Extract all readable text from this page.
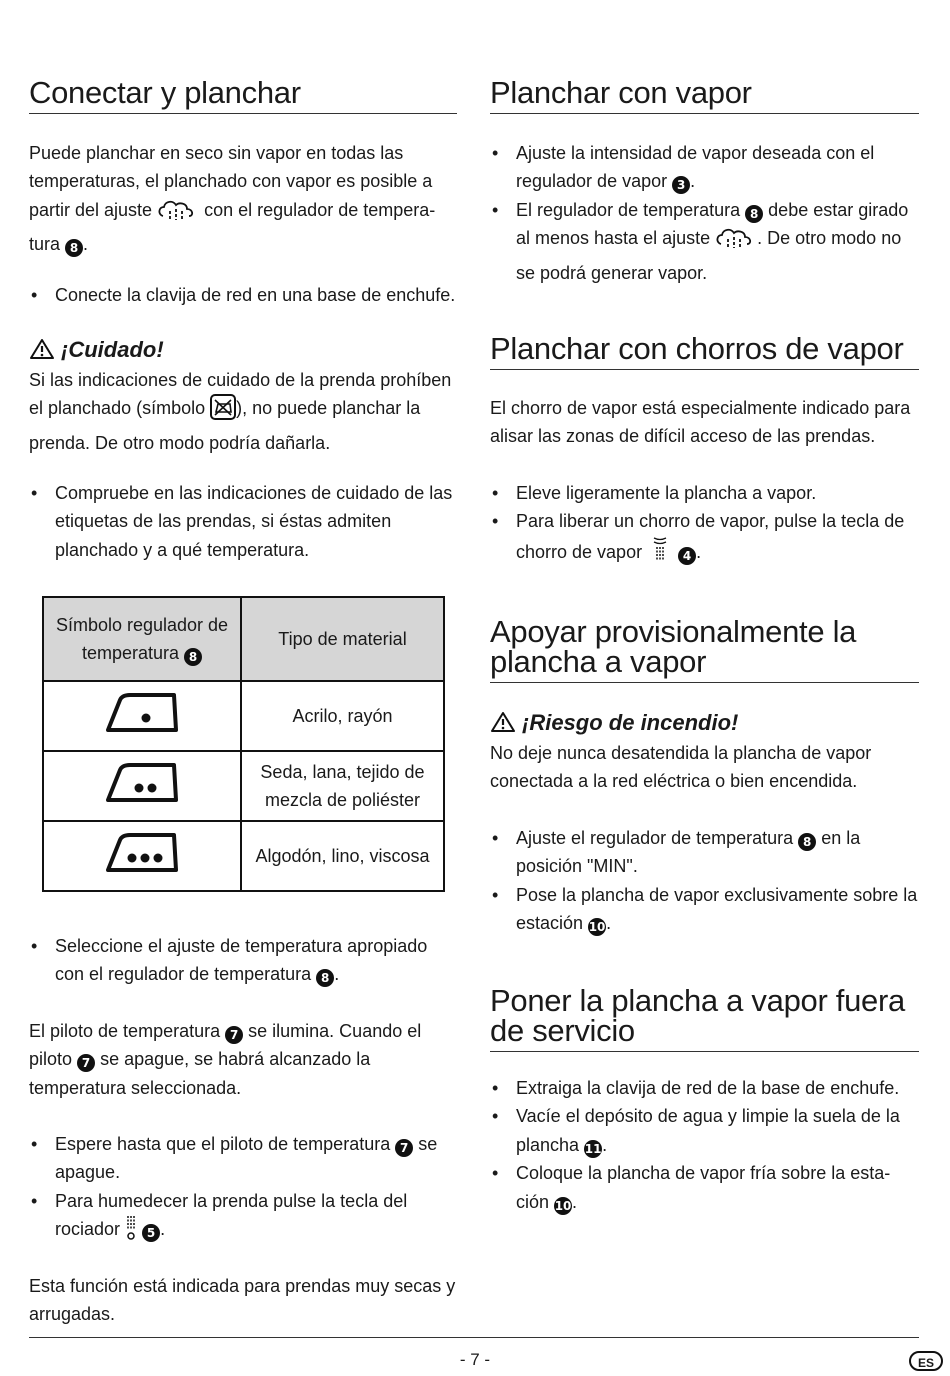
Conectar y planchar

Puede planchar en seco sin vapor en todas las temperaturas, el planchado con vapor es posible a partir del ajuste	con el regulador de tempera-tura 8 .

• Conecte la clavija de red en una base de enchufe.
¡Cuidado!

Si las indicaciones de cuidado de la prenda prohíben el planchado (símbolo ), no puede planchar la prenda. De otro modo podría dañarla.

• Compruebe en las indicaciones de cuidado de las etiquetas de las prendas, si éstas admiten planchado y a qué temperatura.
Símbolo regulador de temperatura 8	Tipo de material
	Acrilo, rayón
	Seda, lana, tejido de mezcla de poliéster
	Algodón, lino, viscosa
• Seleccione el ajuste de temperatura apropiado con el regulador de temperatura 8 .

El piloto de temperatura 7 se ilumina. Cuando el piloto 7 se apague, se habrá alcanzado la temperatura seleccionada.

• Espere hasta que el piloto de temperatura 7 se apague.
• Para humedecer la prenda pulse la tecla del rociador 5 .

Esta función está indicada para prendas muy secas y arrugadas.

Planchar con vapor
• Ajuste la intensidad de vapor deseada con el regulador de vapor 3 .
• El regulador de temperatura 8 debe estar girado al menos hasta el ajuste	. De otro modo no se podrá generar vapor.
Planchar con chorros de vapor

El chorro de vapor está especialmente indicado para alisar las zonas de difícil acceso de las prendas.

• Eleve ligeramente la plancha a vapor.
• Para liberar un chorro de vapor, pulse la tecla de chorro de vapor	4 .
Apoyar provisionalmente la plancha a vapor
¡Riesgo de incendio!

No deje nunca desatendida la plancha de vapor conectada a la red eléctrica o bien encendida.

• Ajuste el regulador de temperatura 8 en la posición "MIN".
• Pose la plancha de vapor exclusivamente sobre la estación 10.
Poner la plancha a vapor fuera de servicio
• Extraiga la clavija de red de la base de enchufe.
• Vacíe el depósito de agua y limpie la suela de la plancha 11.
• Coloque la plancha de vapor fría sobre la esta-ción 10.
- 7 -	ES
